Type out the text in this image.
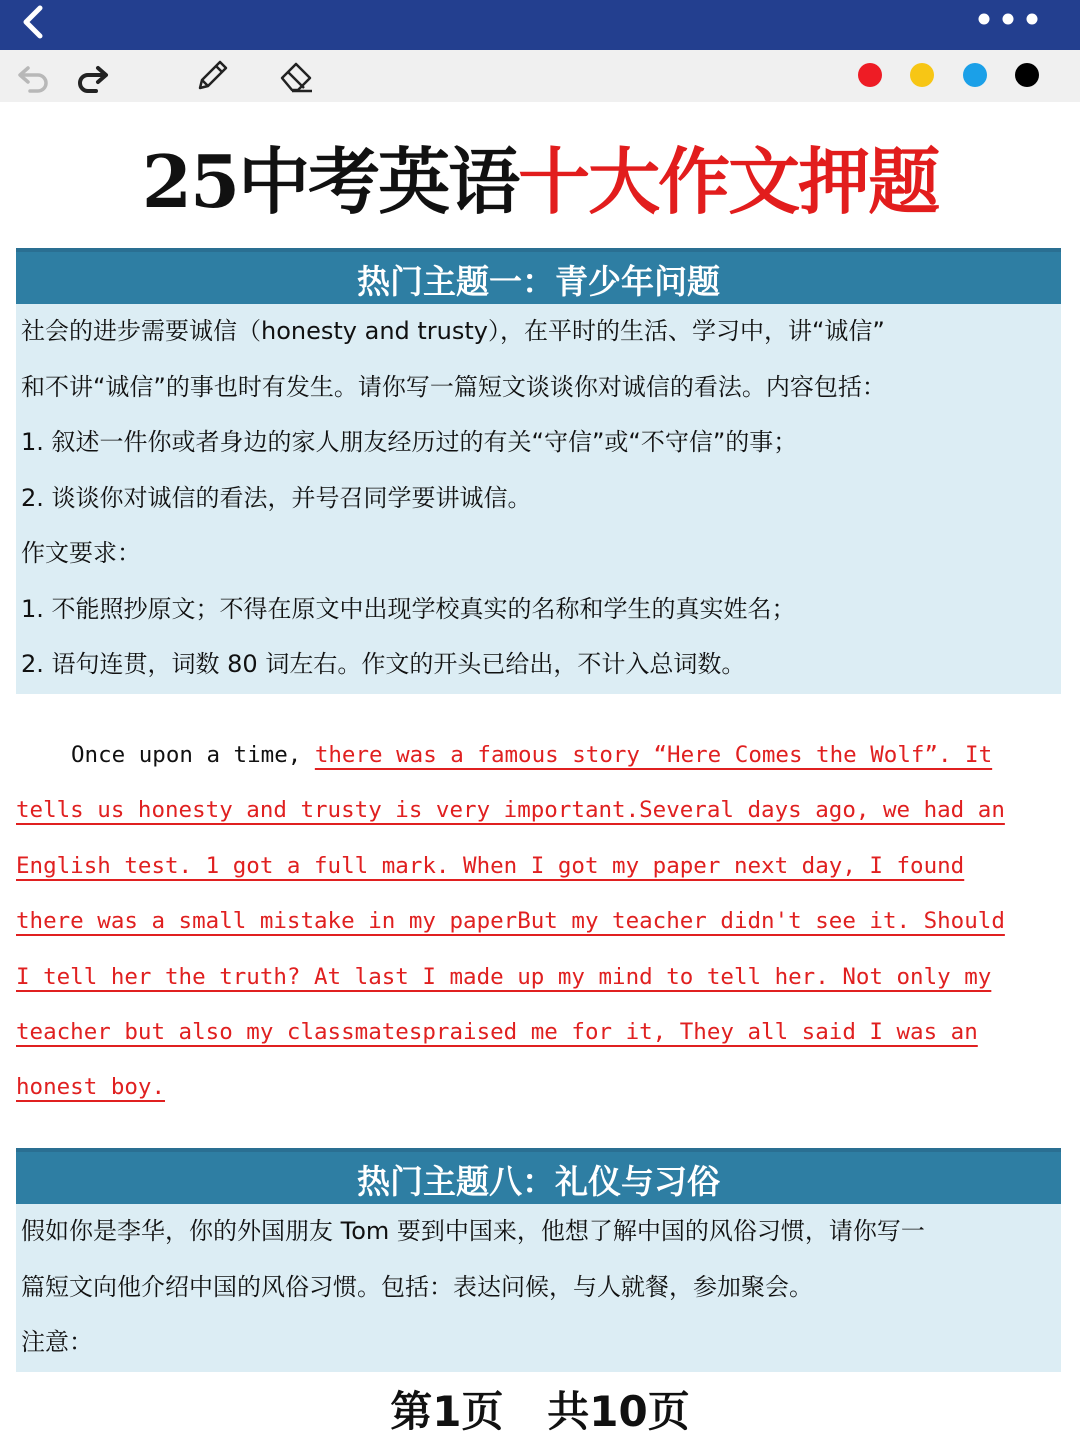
25中考英语十大作文押题
热门主题一：青少年问题
社会的进步需要诚信（honesty and trusty），在平时的生活、学习中，讲“诚信”
和不讲“诚信”的事也时有发生。请你写一篇短文谈谈你对诚信的看法。内容包括：
1. 叙述一件你或者身边的家人朋友经历过的有关“守信”或“不守信”的事；
2. 谈谈你对诚信的看法，并号召同学要讲诚信。
作文要求：
1. 不能照抄原文；不得在原文中出现学校真实的名称和学生的真实姓名；
2. 语句连贯，词数 80 词左右。作文的开头已给出，不计入总词数。
Once upon a time, there was a famous story “Here Comes the Wolf”. It
tells us honesty and trusty is very important.Several days ago, we had an
English test. 1 got a full mark. When I got my paper next day, I found
there was a small mistake in my paperBut my teacher didn't see it. Should
I tell her the truth? At last I made up my mind to tell her. Not only my
teacher but also my classmatespraised me for it, They all said I was an
honest boy.
热门主题八：礼仪与习俗
假如你是李华，你的外国朋友 Tom 要到中国来，他想了解中国的风俗习惯，请你写一
篇短文向他介绍中国的风俗习惯。包括：表达问候，与人就餐，参加聚会。
注意：
第1页   共10页
